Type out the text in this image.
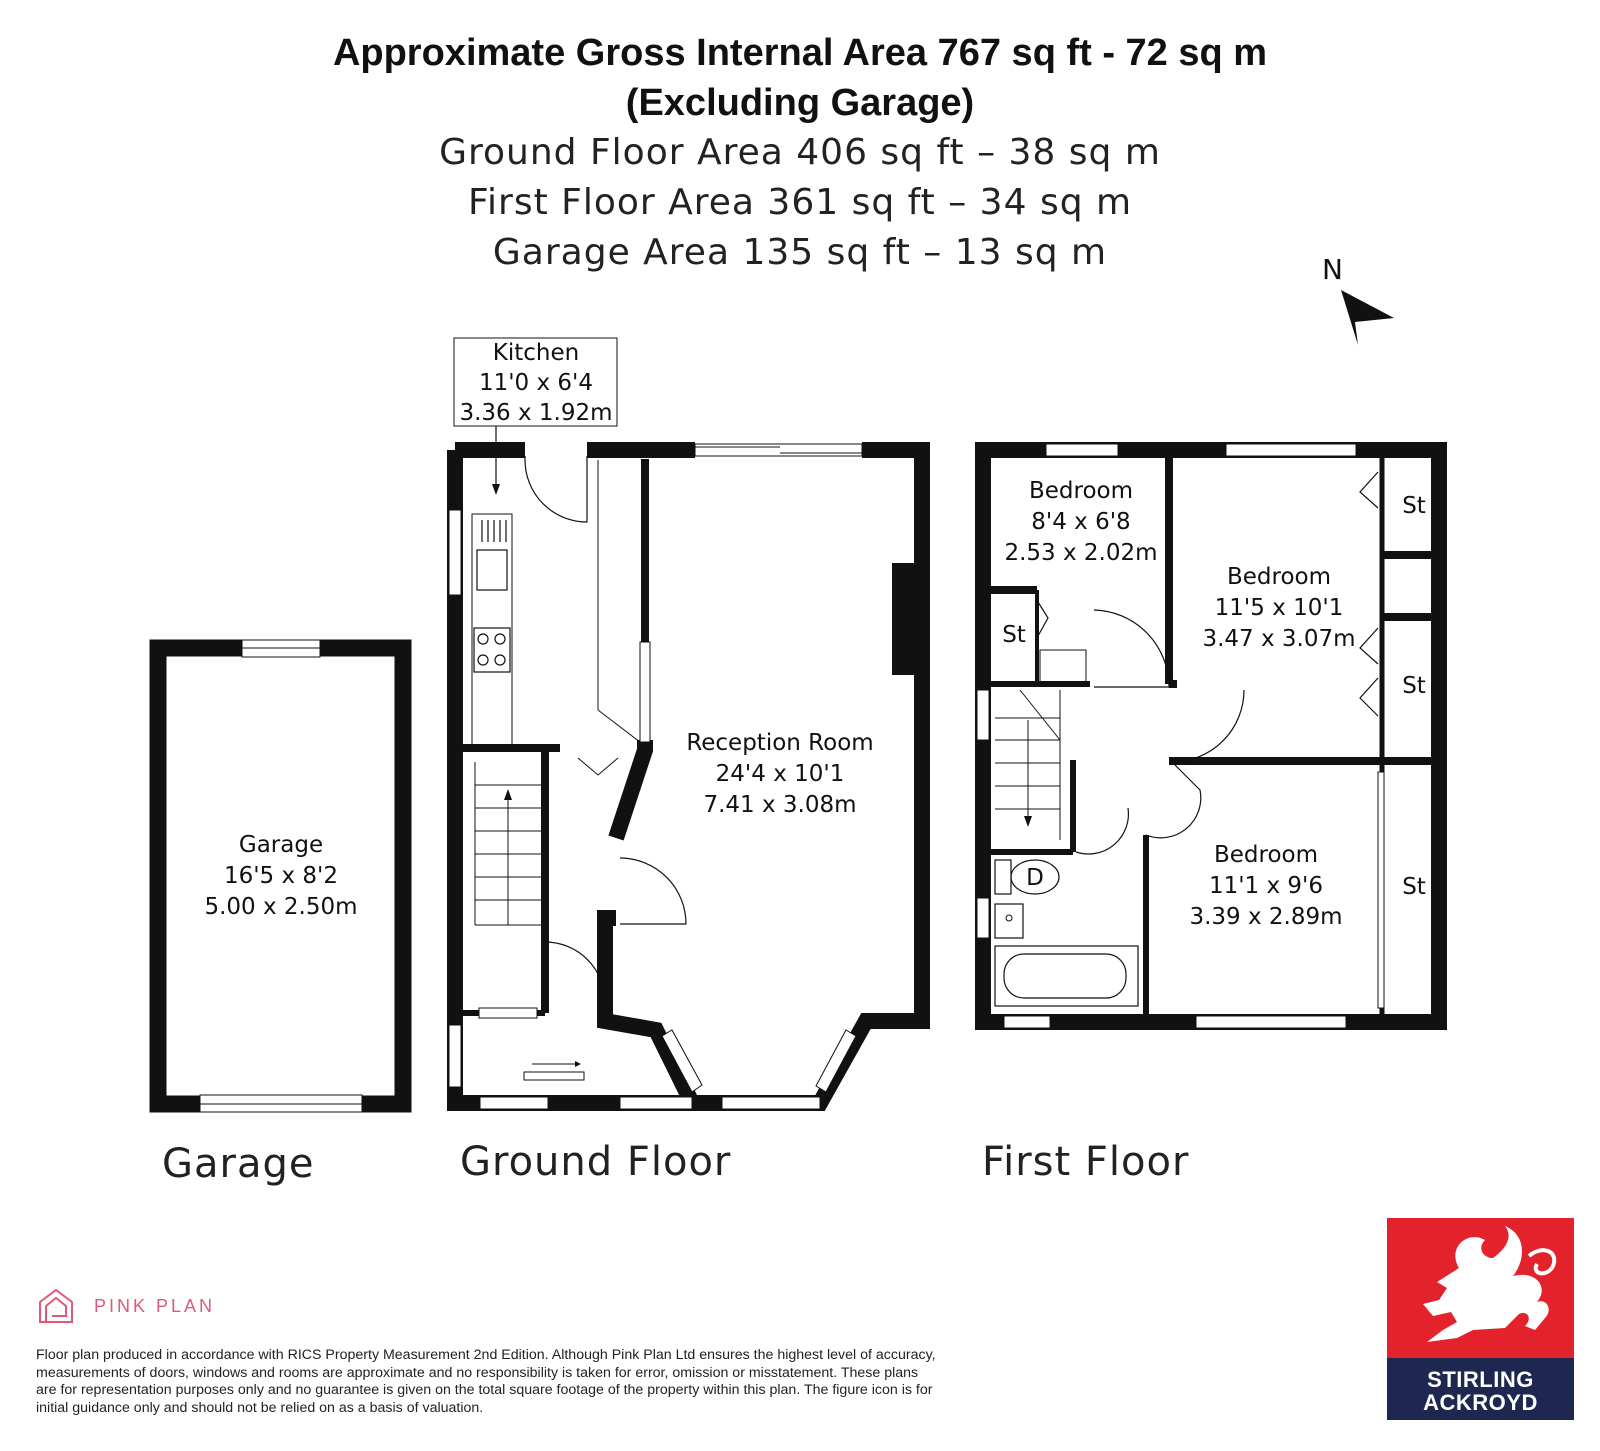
Approximate Gross Internal Area 767 sq ft - 72 sq m
(Excluding Garage)
Ground Floor Area 406 sq ft – 38 sq m
First Floor Area 361 sq ft – 34 sq m
Garage Area 135 sq ft – 13 sq m	N
D
Kitchen
11'0 x 6'4
3.36 x 1.92m
Reception Room
24'4 x 10'1
7.41 x 3.08m
Garage
16'5 x 8'2
5.00 x 2.50m
Bedroom
8'4 x 6'8
2.53 x 2.02m
Bedroom
11'5 x 10'1
3.47 x 3.07m
Bedroom
11'1 x 9'6
3.39 x 2.89m
St
St
St
St
Garage	Ground Floor	First Floor
PINK PLAN
Floor plan produced in accordance with RICS Property Measurement 2nd Edition. Although Pink Plan Ltd ensures the highest level of accuracy, measurements of doors, windows and rooms are approximate and no responsibility is taken for error, omission or misstatement. These plans are for representation purposes only and no guarantee is given on the total square footage of the property within this plan. The figure icon is for initial guidance only and should not be relied on as a basis of valuation.
STIRLING
ACKROYD
